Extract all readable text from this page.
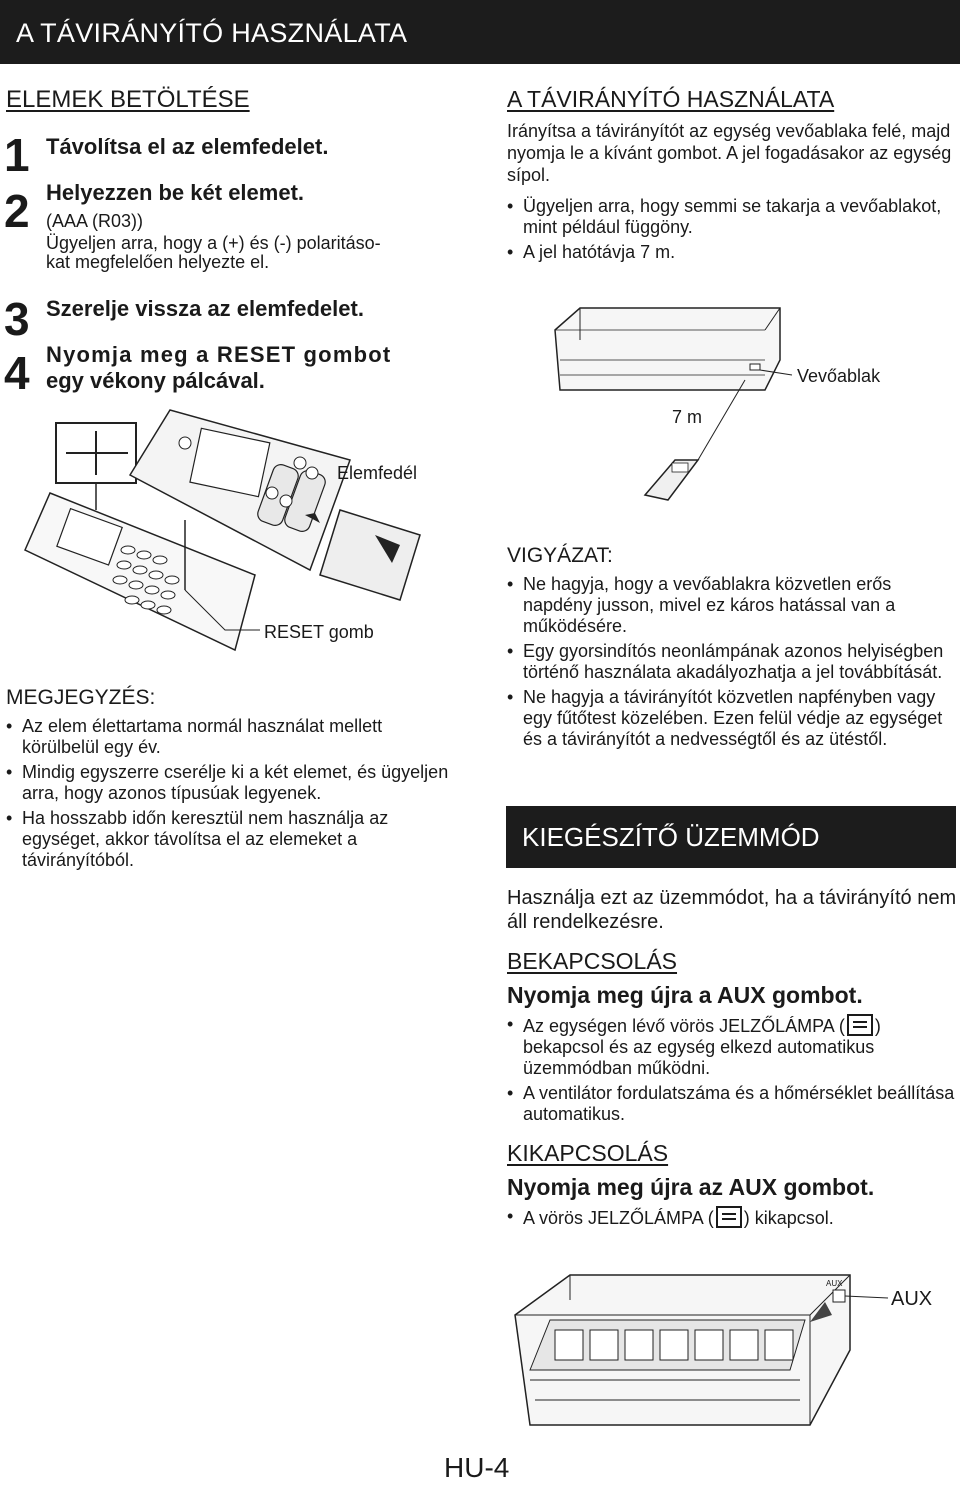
A TÁVIRÁNYÍTÓ HASZNÁLATA
ELEMEK BETÖLTÉSE
1 Távolítsa el az elemfedelet.
2 Helyezzen be két elemet.
(AAA (R03))
Ügyeljen arra, hogy a (+) és (-) polaritáso-
kat megfelelően helyezte el.
3 Szerelje vissza az elemfedelet.
4 Nyomja meg a RESET gombot
egy vékony pálcával.
Elemfedél
RESET gomb
MEGJEGYZÉS:
• Az elem élettartama normál használat mellett körülbelül egy év.
• Mindig egyszerre cserélje ki a két elemet, és ügyeljen arra, hogy azonos típusúak legyenek.
• Ha hosszabb időn keresztül nem használja az egységet, akkor távolítsa el az elemeket a távirányítóból.
A TÁVIRÁNYÍTÓ HASZNÁLATA
Irányítsa a távirányítót az egység vevőablaka felé, majd nyomja le a kívánt gombot. A jel fogadásakor az egység sípol.
• Ügyeljen arra, hogy semmi se takarja a vevőablakot, mint például függöny.
• A jel hatótávja 7 m.
Vevőablak
7 m
VIGYÁZAT:
• Ne hagyja, hogy a vevőablakra közvetlen erős napdény jusson, mivel ez káros hatással van a működésére.
• Egy gyorsindítós neonlámpának azonos helyiségben történő használata akadályozhatja a jel továbbítását.
• Ne hagyja a távirányítót közvetlen napfényben vagy egy fűtőtest közelében. Ezen felül védje az egységet és a távirányítót a nedvességtől és az ütéstől.
KIEGÉSZÍTŐ ÜZEMMÓD
Használja ezt az üzemmódot, ha a távirányító nem áll rendelkezésre.
BEKAPCSOLÁS
Nyomja meg újra a AUX gombot.
• Az egységen lévő vörös JELZŐLÁMPA ( ) bekapcsol és az egység elkezd automatikus üzemmódban működni.
• A ventilátor fordulatszáma és a hőmérséklet beállítása automatikus.
KIKAPCSOLÁS
Nyomja meg újra az AUX gombot.
• A vörös JELZŐLÁMPA ( ) kikapcsol.
AUX
AUX
HU-4
